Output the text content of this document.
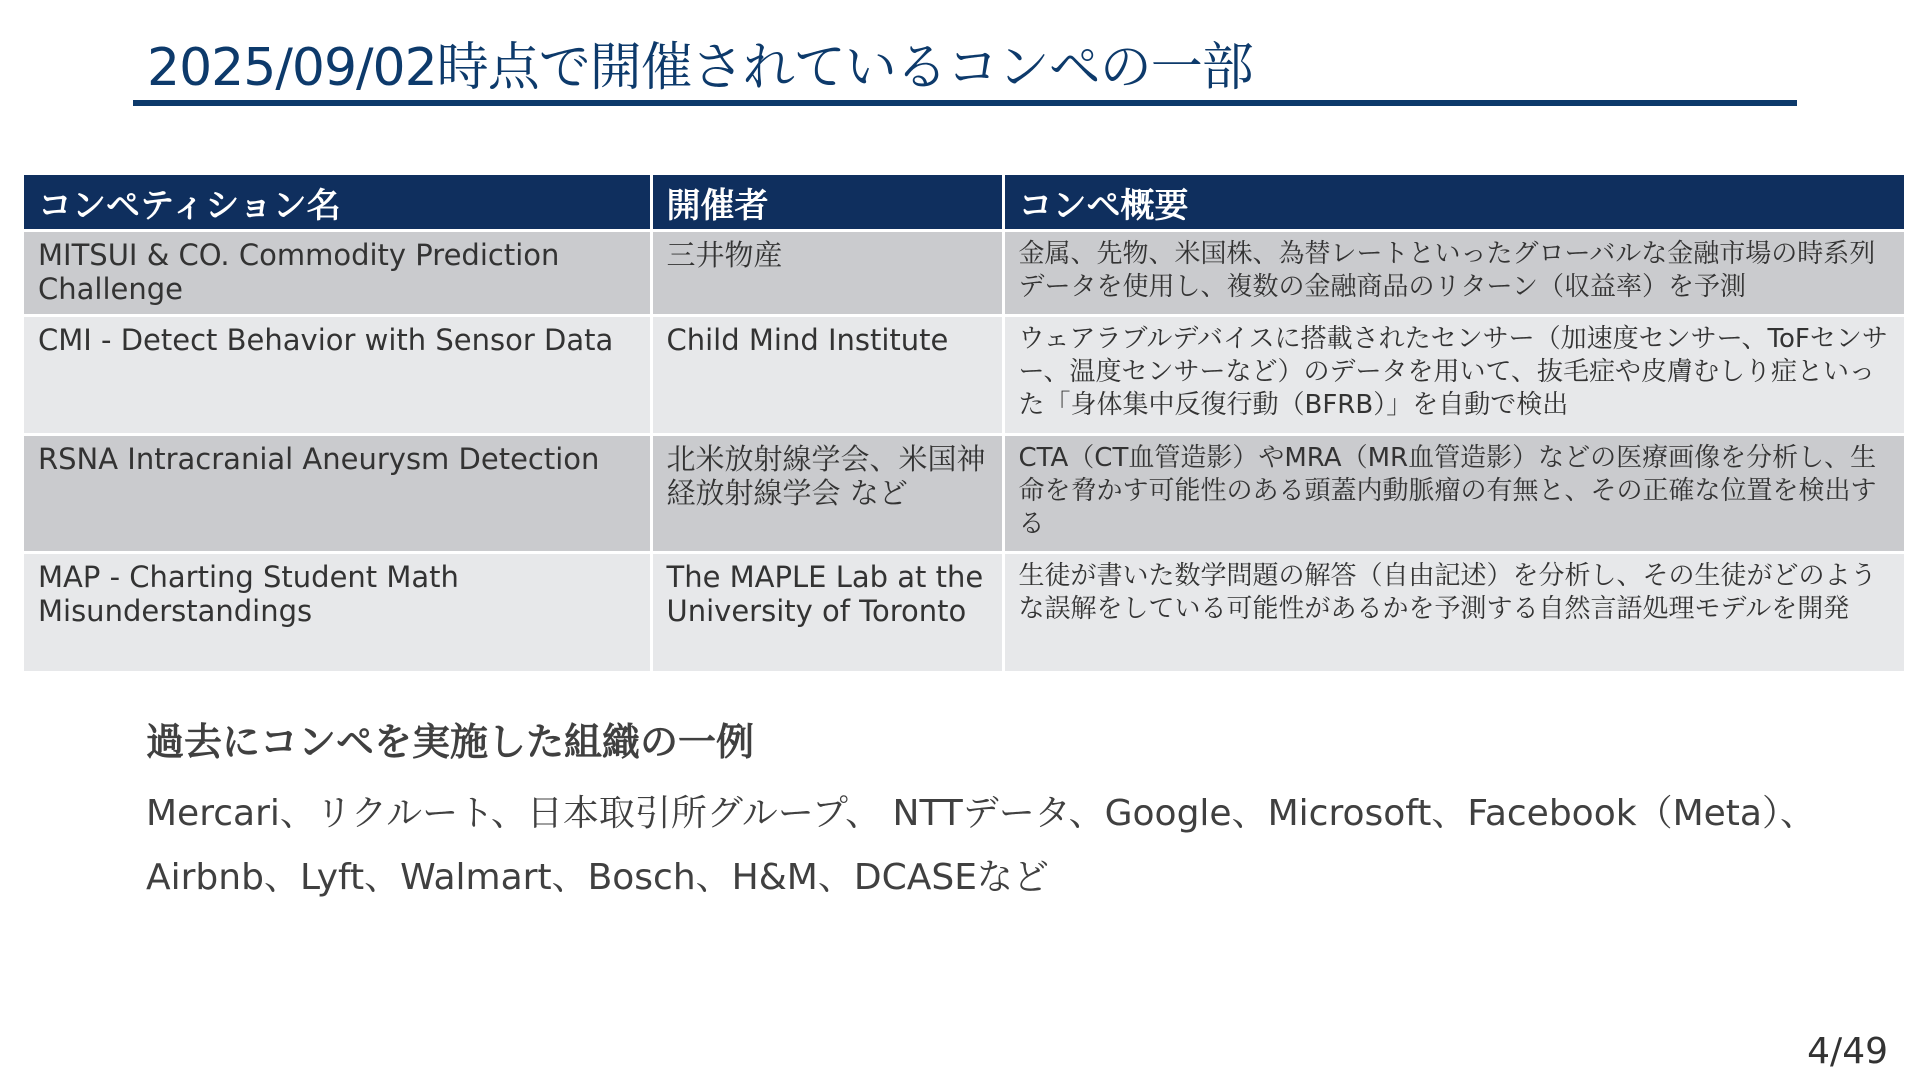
2025/09/02時点で開催されているコンペの一部
コンペティション名	開催者	コンペ概要
MITSUI & CO. Commodity Prediction Challenge	三井物産	金属、先物、米国株、為替レートといったグローバルな金融市場の時系列データを使用し、複数の金融商品のリターン（収益率）を予測
CMI - Detect Behavior with Sensor Data	Child Mind Institute	ウェアラブルデバイスに搭載されたセンサー（加速度センサー、ToFセンサー、温度センサーなど）のデータを用いて、抜毛症や皮膚むしり症といった「身体集中反復行動（BFRB）」を自動で検出
RSNA Intracranial Aneurysm Detection	北米放射線学会、米国神経放射線学会 など	CTA（CT血管造影）やMRA（MR血管造影）などの医療画像を分析し、生命を脅かす可能性のある頭蓋内動脈瘤の有無と、その正確な位置を検出する
MAP - Charting Student Math Misunderstandings	The MAPLE Lab at the University of Toronto	生徒が書いた数学問題の解答（自由記述）を分析し、その生徒がどのような誤解をしている可能性があるかを予測する自然言語処理モデルを開発
過去にコンペを実施した組織の一例
Mercari、リクルート、日本取引所グループ、 NTTデータ、Google、Microsoft、Facebook（Meta）、
Airbnb、Lyft、Walmart、Bosch、H&M、DCASEなど
4/49
